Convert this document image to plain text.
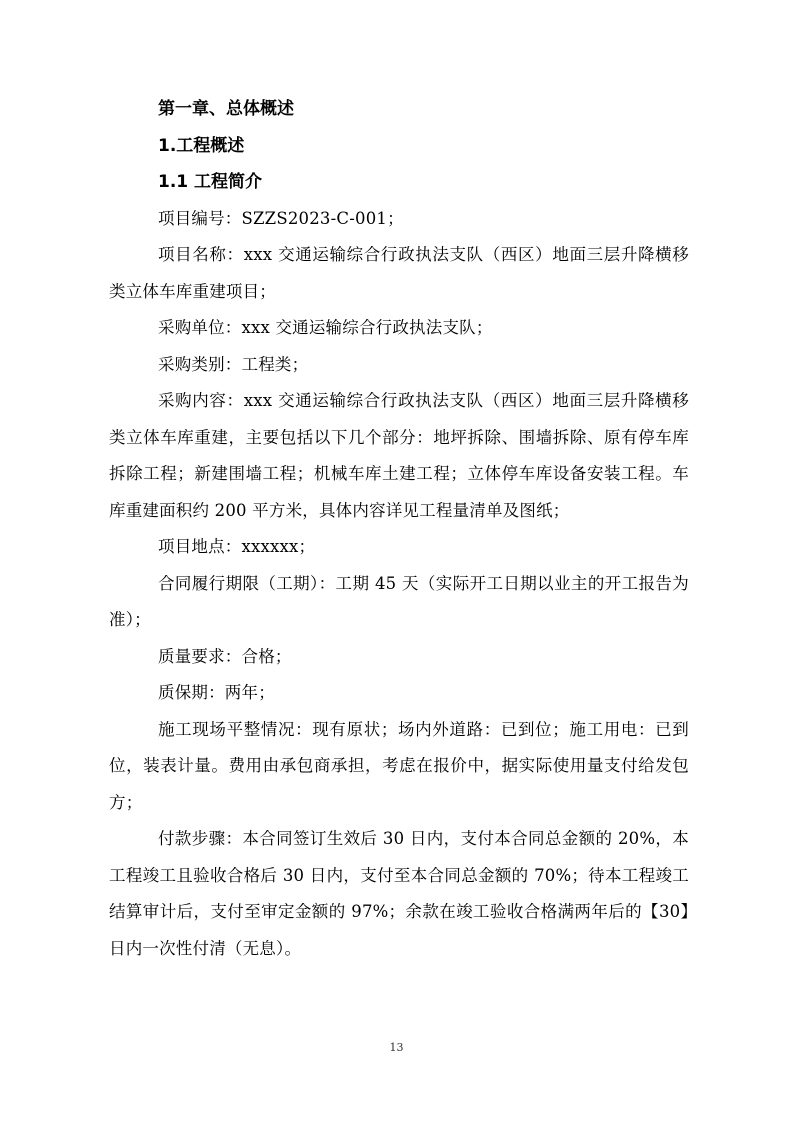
第一章、总体概述
1.工程概述
1.1 工程简介

项目编号：SZZS2023-C-001；

项目名称：xxx 交通运输综合行政执法支队（西区）地面三层升降横移类立体车库重建项目；

采购单位：xxx 交通运输综合行政执法支队；

采购类别：工程类；

采购内容：xxx 交通运输综合行政执法支队（西区）地面三层升降横移类立体车库重建，主要包括以下几个部分：地坪拆除、围墙拆除、原有停车库拆除工程；新建围墙工程；机械车库土建工程；立体停车库设备安装工程。车库重建面积约 200 平方米，具体内容详见工程量清单及图纸；

项目地点：xxxxxx；

合同履行期限（工期）：工期 45 天（实际开工日期以业主的开工报告为准）；

质量要求：合格；

质保期：两年；

施工现场平整情况：现有原状；场内外道路：已到位；施工用电：已到位，装表计量。费用由承包商承担，考虑在报价中，据实际使用量支付给发包方；

付款步骤：本合同签订生效后 30 日内，支付本合同总金额的 20%，本工程竣工且验收合格后 30 日内，支付至本合同总金额的 70%；待本工程竣工结算审计后，支付至审定金额的 97%；余款在竣工验收合格满两年后的【30】日内一次性付清（无息）。

13
